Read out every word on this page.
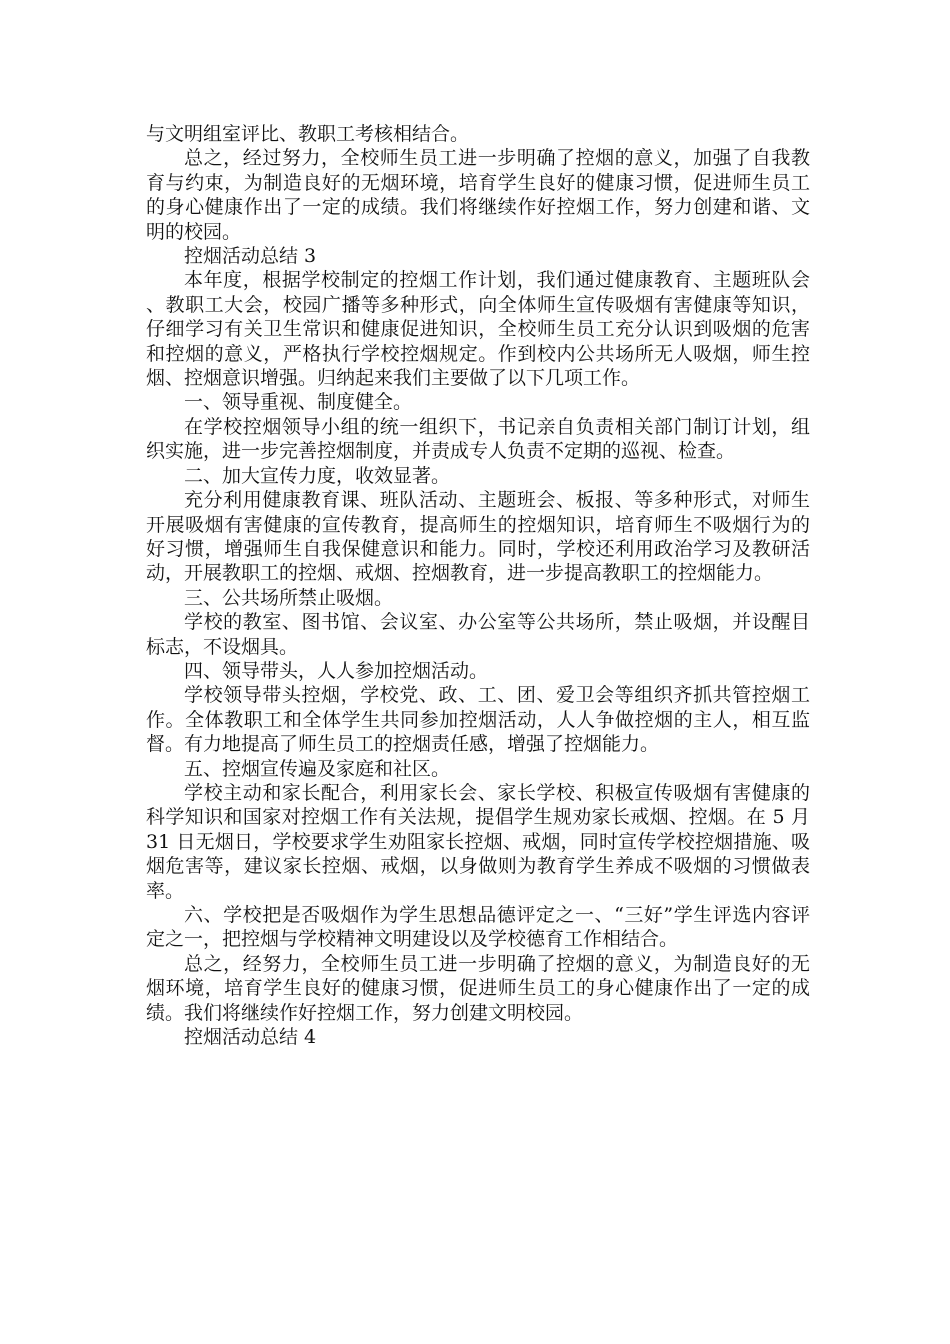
与文明组室评比、教职工考核相结合。

总之，经过努力，全校师生员工进一步明确了控烟的意义，加强了自我教育与约束，为制造良好的无烟环境，培育学生良好的健康习惯，促进师生员工的身心健康作出了一定的成绩。我们将继续作好控烟工作，努力创建和谐、文明的校园。

控烟活动总结 3

本年度，根据学校制定的控烟工作计划，我们通过健康教育、主题班队会、教职工大会，校园广播等多种形式，向全体师生宣传吸烟有害健康等知识，仔细学习有关卫生常识和健康促进知识，全校师生员工充分认识到吸烟的危害和控烟的意义，严格执行学校控烟规定。作到校内公共场所无人吸烟，师生控烟、控烟意识增强。归纳起来我们主要做了以下几项工作。

一、领导重视、制度健全。

在学校控烟领导小组的统一组织下，书记亲自负责相关部门制订计划，组织实施，进一步完善控烟制度，并责成专人负责不定期的巡视、检查。

二、加大宣传力度，收效显著。

充分利用健康教育课、班队活动、主题班会、板报、等多种形式，对师生开展吸烟有害健康的宣传教育，提高师生的控烟知识，培育师生不吸烟行为的好习惯，增强师生自我保健意识和能力。同时，学校还利用政治学习及教研活动，开展教职工的控烟、戒烟、控烟教育，进一步提高教职工的控烟能力。

三、公共场所禁止吸烟。

学校的教室、图书馆、会议室、办公室等公共场所，禁止吸烟，并设醒目标志，不设烟具。

四、领导带头，人人参加控烟活动。

学校领导带头控烟，学校党、政、工、团、爱卫会等组织齐抓共管控烟工作。全体教职工和全体学生共同参加控烟活动，人人争做控烟的主人，相互监督。有力地提高了师生员工的控烟责任感，增强了控烟能力。

五、控烟宣传遍及家庭和社区。

学校主动和家长配合，利用家长会、家长学校、积极宣传吸烟有害健康的科学知识和国家对控烟工作有关法规，提倡学生规劝家长戒烟、控烟。在 5 月 31 日无烟日，学校要求学生劝阻家长控烟、戒烟，同时宣传学校控烟措施、吸烟危害等，建议家长控烟、戒烟，以身做则为教育学生养成不吸烟的习惯做表率。

六、学校把是否吸烟作为学生思想品德评定之一、“三好”学生评选内容评定之一，把控烟与学校精神文明建设以及学校德育工作相结合。

总之，经努力，全校师生员工进一步明确了控烟的意义，为制造良好的无烟环境，培育学生良好的健康习惯，促进师生员工的身心健康作出了一定的成绩。我们将继续作好控烟工作，努力创建文明校园。

控烟活动总结 4
